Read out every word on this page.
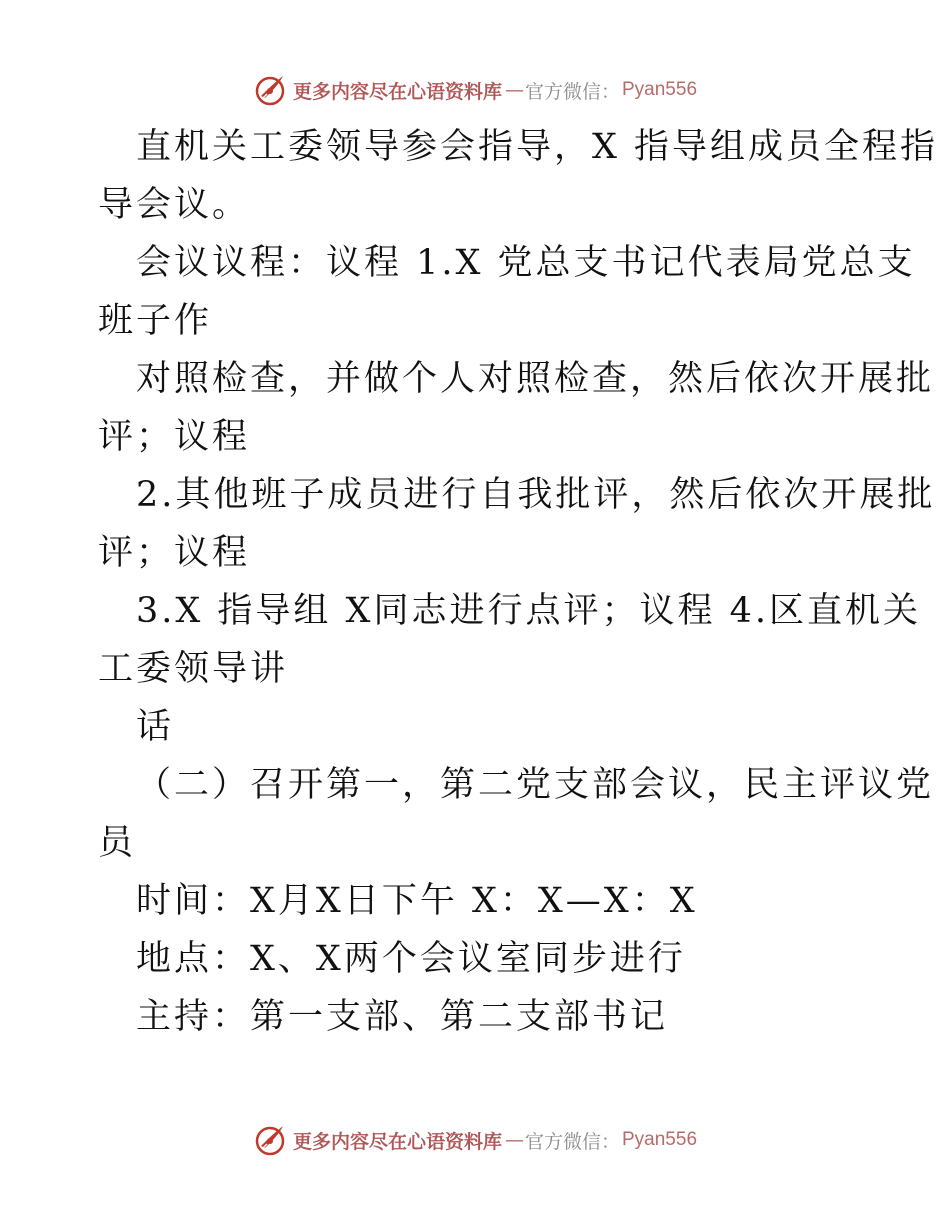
更多内容尽在心语资料库 — 官方微信： Pyan556
直机关工委领导参会指导，X 指导组成员全程指
导会议。
会议议程：议程 1.X 党总支书记代表局党总支
班子作
对照检查，并做个人对照检查，然后依次开展批
评；议程
2.其他班子成员进行自我批评，然后依次开展批
评；议程
3.X 指导组 X同志进行点评；议程 4.区直机关
工委领导讲
话
（二）召开第一，第二党支部会议，民主评议党
员
时间：X月X日下午 X：X—X：X
地点：X、X两个会议室同步进行
主持：第一支部、第二支部书记
更多内容尽在心语资料库 — 官方微信： Pyan556
